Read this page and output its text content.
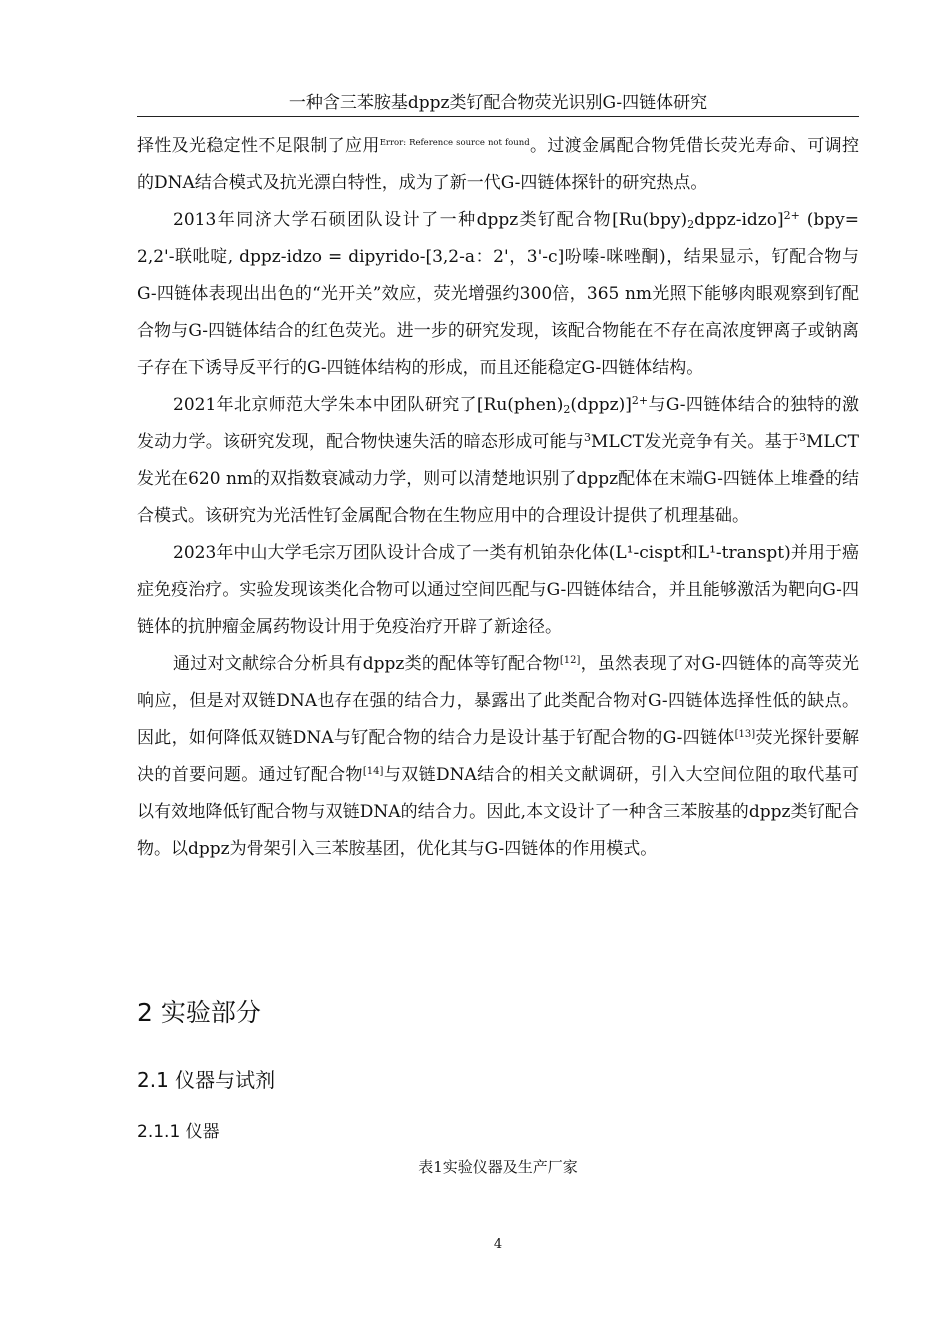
一种含三苯胺基dppz类钌配合物荧光识别G-四链体研究

择性及光稳定性不足限制了应用$^{Error: Reference source not found}$。过渡金属配合物凭借长荧光寿命、可调控的DNA结合模式及抗光漂白特性，成为了新一代G-四链体探针的研究热点。

2013年同济大学石硕团队设计了一种dppz类钌配合物$[Ru(bpy)_2dppz-idzo]^{2+}$ (bpy= 2,2'-联吡啶, dppz-idzo = dipyrido-[3,2-a：2'，3'-c]吩嗪-咪唑酮)，结果显示，钌配合物与G-四链体表现出出色的“光开关”效应，荧光增强约300倍，365 nm光照下能够肉眼观察到钌配合物与G-四链体结合的红色荧光。进一步的研究发现，该配合物能在不存在高浓度钾离子或钠离子存在下诱导反平行的G-四链体结构的形成，而且还能稳定G-四链体结构。

2021年北京师范大学朱本中团队研究了$[Ru(phen)_2(dppz)]^{2+}$与G-四链体结合的独特的激发动力学。该研究发现，配合物快速失活的暗态形成可能与$^3$MLCT发光竞争有关。基于$^3$MLCT发光在620 nm的双指数衰减动力学，则可以清楚地识别了dppz配体在末端G-四链体上堆叠的结合模式。该研究为光活性钌金属配合物在生物应用中的合理设计提供了机理基础。

2023年中山大学毛宗万团队设计合成了一类有机铂杂化体(L¹-cispt和L¹-transpt)并用于癌症免疫治疗。实验发现该类化合物可以通过空间匹配与G-四链体结合，并且能够激活为靶向G-四链体的抗肿瘤金属药物设计用于免疫治疗开辟了新途径。

通过对文献综合分析具有dppz类的配体等钌配合物[12]，虽然表现了对G-四链体的高等荧光响应，但是对双链DNA也存在强的结合力，暴露出了此类配合物对G-四链体选择性低的缺点。因此，如何降低双链DNA与钌配合物的结合力是设计基于钌配合物的G-四链体[13]荧光探针要解决的首要问题。通过钌配合物[14]与双链DNA结合的相关文献调研，引入大空间位阻的取代基可以有效地降低钌配合物与双链DNA的结合力。因此,本文设计了一种含三苯胺基的dppz类钌配合物。以dppz为骨架引入三苯胺基团，优化其与G-四链体的作用模式。

2 实验部分
2.1 仪器与试剂
2.1.1 仪器
表1实验仪器及生产厂家
4
